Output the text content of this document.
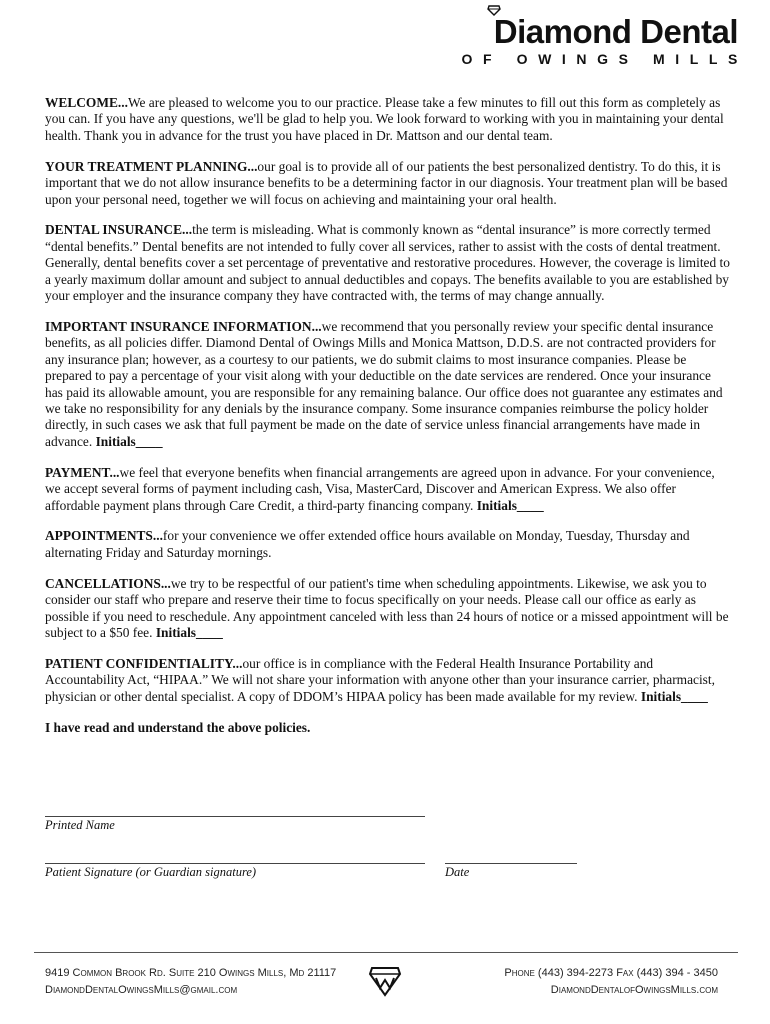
Diamond Dental
OF OWINGS MILLS

WELCOME...We are pleased to welcome you to our practice. Please take a few minutes to fill out this form as completely as you can. If you have any questions, we'll be glad to help you. We look forward to working with you in maintaining your dental health. Thank you in advance for the trust you have placed in Dr. Mattson and our dental team.

YOUR TREATMENT PLANNING...our goal is to provide all of our patients the best personalized dentistry. To do this, it is important that we do not allow insurance benefits to be a determining factor in our diagnosis. Your treatment plan will be based upon your personal need, together we will focus on achieving and maintaining your oral health.

DENTAL INSURANCE...the term is misleading. What is commonly known as “dental insurance” is more correctly termed “dental benefits.” Dental benefits are not intended to fully cover all services, rather to assist with the costs of dental treatment. Generally, dental benefits cover a set percentage of preventative and restorative procedures. However, the coverage is limited to a yearly maximum dollar amount and subject to annual deductibles and copays. The benefits available to you are established by your employer and the insurance company they have contracted with, the terms of may change annually.

IMPORTANT INSURANCE INFORMATION...we recommend that you personally review your specific dental insurance benefits, as all policies differ. Diamond Dental of Owings Mills and Monica Mattson, D.D.S. are not contracted providers for any insurance plan; however, as a courtesy to our patients, we do submit claims to most insurance companies. Please be prepared to pay a percentage of your visit along with your deductible on the date services are rendered. Once your insurance has paid its allowable amount, you are responsible for any remaining balance. Our office does not guarantee any estimates and we take no responsibility for any denials by the insurance company. Some insurance companies reimburse the policy holder directly, in such cases we ask that full payment be made on the date of service unless financial arrangements have made in advance. Initials____

PAYMENT...we feel that everyone benefits when financial arrangements are agreed upon in advance. For your convenience, we accept several forms of payment including cash, Visa, MasterCard, Discover and American Express. We also offer affordable payment plans through Care Credit, a third-party financing company. Initials____

APPOINTMENTS...for your convenience we offer extended office hours available on Monday, Tuesday, Thursday and alternating Friday and Saturday mornings.

CANCELLATIONS...we try to be respectful of our patient's time when scheduling appointments. Likewise, we ask you to consider our staff who prepare and reserve their time to focus specifically on your needs. Please call our office as early as possible if you need to reschedule. Any appointment canceled with less than 24 hours of notice or a missed appointment will be subject to a $50 fee. Initials____

PATIENT CONFIDENTIALITY...our office is in compliance with the Federal Health Insurance Portability and Accountability Act, “HIPAA.” We will not share your information with anyone other than your insurance carrier, pharmacist, physician or other dental specialist. A copy of DDOM’s HIPAA policy has been made available for my review. Initials____

I have read and understand the above policies.

Printed Name
Patient Signature (or Guardian signature)	Date
9419 Common Brook Rd. Suite 210 Owings Mills, Md 21117
DiamondDentalOwingsMills@gmail.com
Phone (443) 394-2273 Fax (443) 394 - 3450
DiamondDentalofOwingsMills.com
